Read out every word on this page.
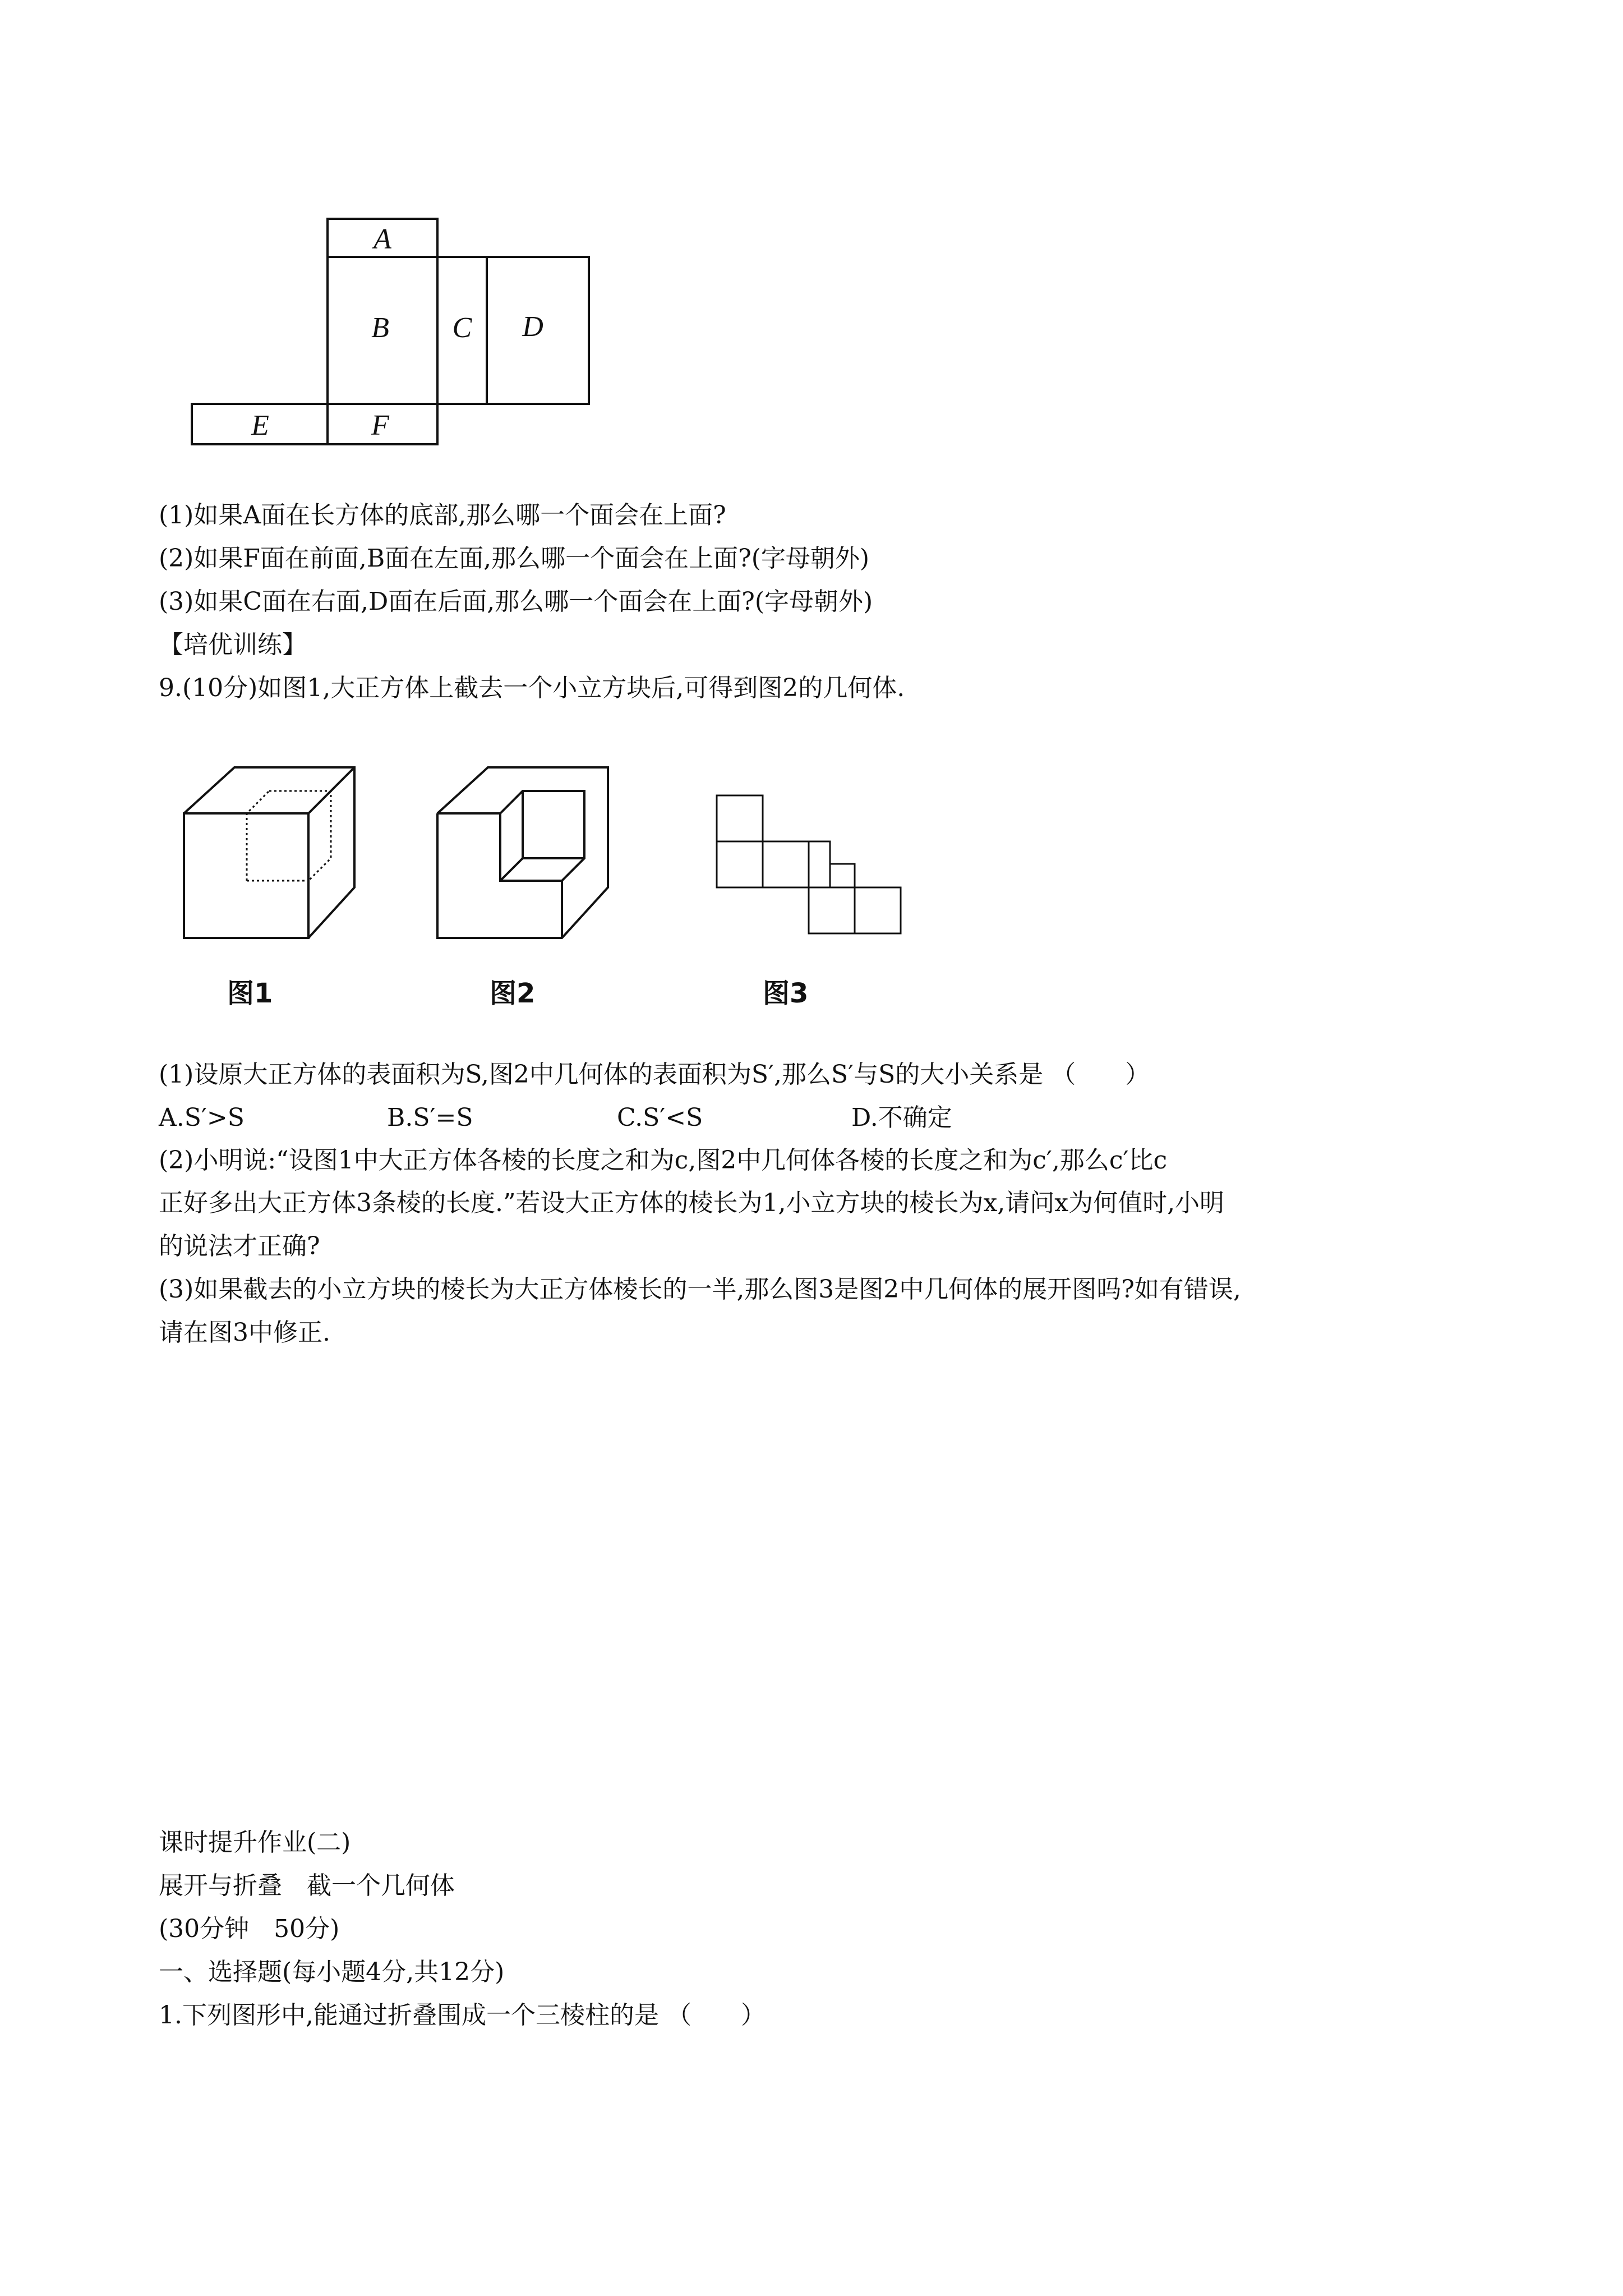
A
B C D
E	F

(1)如果A面在长方体的底部,那么哪一个面会在上面?

(2)如果F面在前面,B面在左面,那么哪一个面会在上面?(字母朝外)

(3)如果C面在右面,D面在后面,那么哪一个面会在上面?(字母朝外)

【培优训练】

9.(10分)如图1,大正方体上截去一个小立方块后,可得到图2的几何体.

图1	图2	图3

(1)设原大正方体的表面积为S,图2中几何体的表面积为S′,那么S′与S的大小关系是 （　　）

A.S′>S	B.S′=S	C.S′<S	D.不确定

(2)小明说:“设图1中大正方体各棱的长度之和为c,图2中几何体各棱的长度之和为c′,那么c′比c

正好多出大正方体3条棱的长度.”若设大正方体的棱长为1,小立方块的棱长为x,请问x为何值时,小明

的说法才正确?

(3)如果截去的小立方块的棱长为大正方体棱长的一半,那么图3是图2中几何体的展开图吗?如有错误,

请在图3中修正.

课时提升作业(二)

展开与折叠　截一个几何体

(30分钟　50分)

一、选择题(每小题4分,共12分)

1.下列图形中,能通过折叠围成一个三棱柱的是 （　　）
